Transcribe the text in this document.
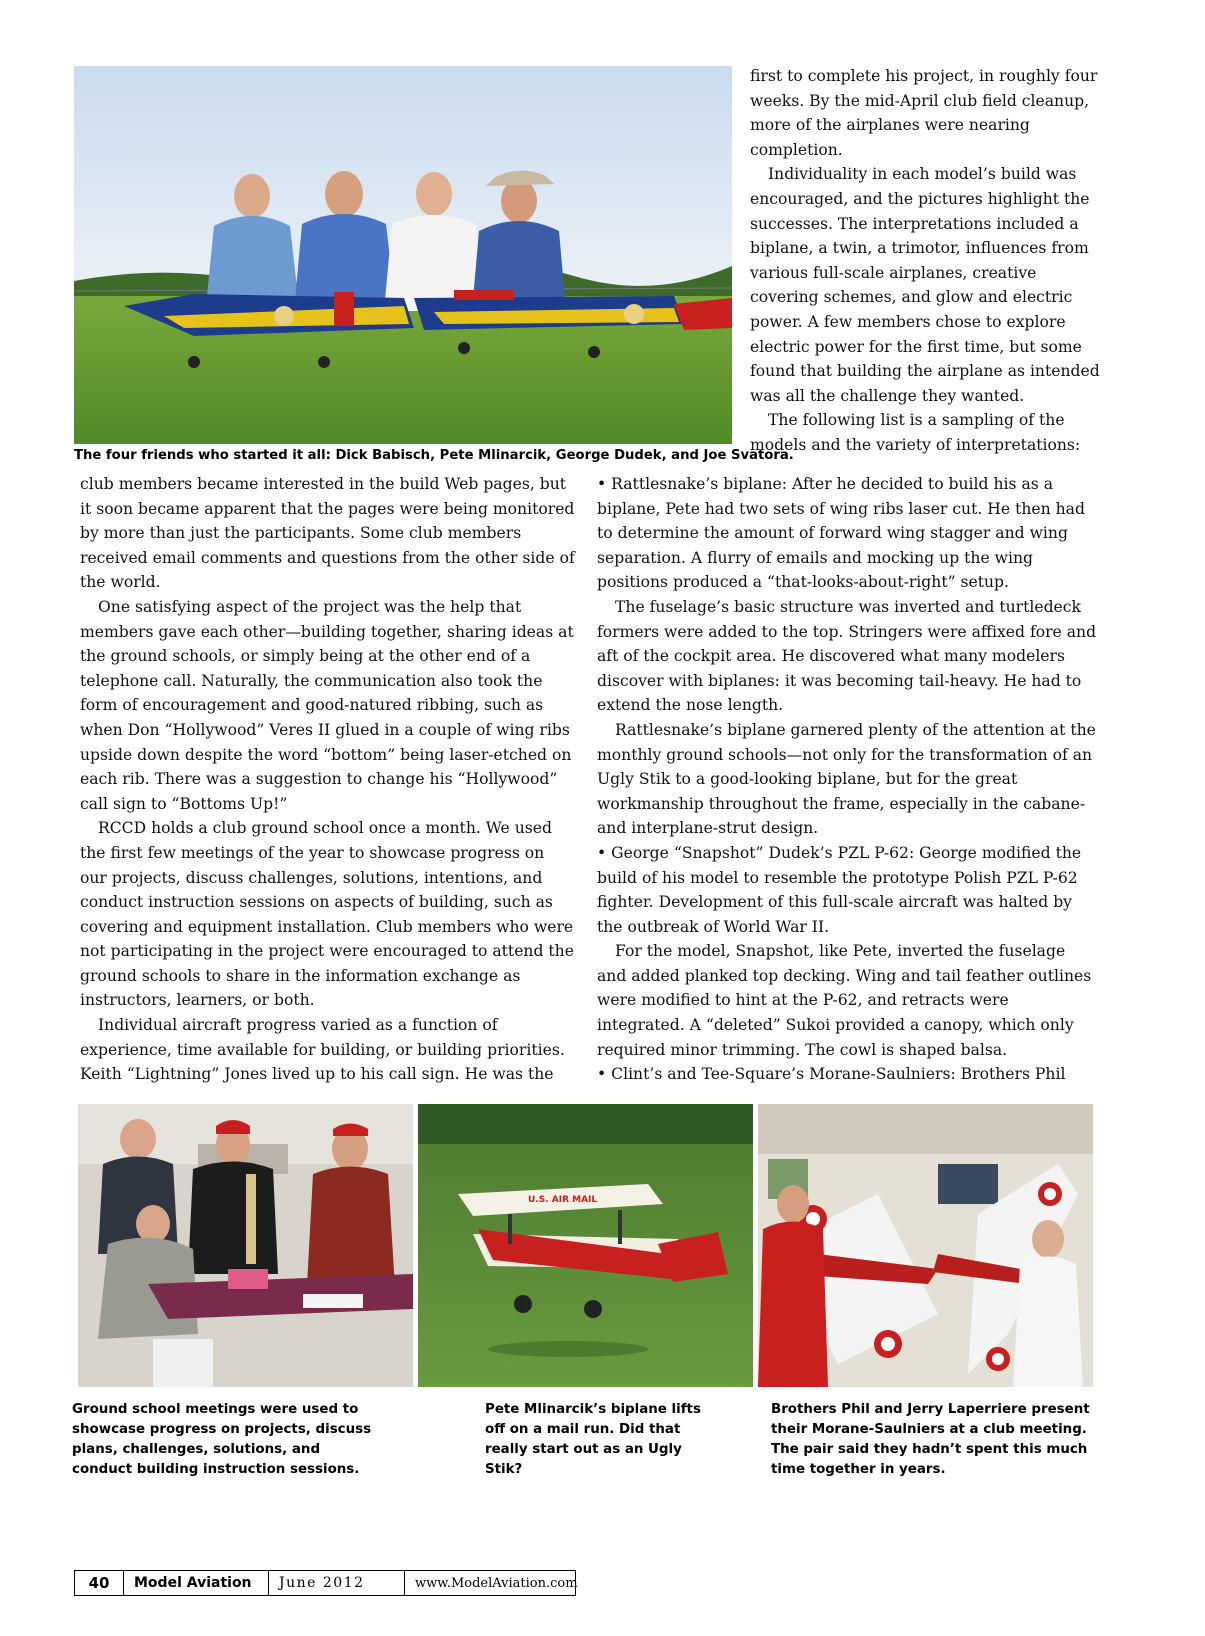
The four friends who started it all: Dick Babisch, Pete Mlinarcik, George Dudek, and Joe Svatora.

first to complete his project, in roughly four weeks. By the mid-April club field cleanup, more of the airplanes were nearing completion.

Individuality in each model’s build was encouraged, and the pictures highlight the successes. The interpretations included a biplane, a twin, a trimotor, influences from various full-scale airplanes, creative covering schemes, and glow and electric power. A few members chose to explore electric power for the first time, but some found that building the airplane as intended was all the challenge they wanted.

The following list is a sampling of the models and the variety of interpretations:

club members became interested in the build Web pages, but it soon became apparent that the pages were being monitored by more than just the participants. Some club members received email comments and questions from the other side of the world.

One satisfying aspect of the project was the help that members gave each other—building together, sharing ideas at the ground schools, or simply being at the other end of a telephone call. Naturally, the communication also took the form of encouragement and good-natured ribbing, such as when Don “Hollywood” Veres II glued in a couple of wing ribs upside down despite the word “bottom” being laser-etched on each rib. There was a suggestion to change his “Hollywood” call sign to “Bottoms Up!”

RCCD holds a club ground school once a month. We used the first few meetings of the year to showcase progress on our projects, discuss challenges, solutions, intentions, and conduct instruction sessions on aspects of building, such as covering and equipment installation. Club members who were not participating in the project were encouraged to attend the ground schools to share in the information exchange as instructors, learners, or both.

Individual aircraft progress varied as a function of experience, time available for building, or building priorities. Keith “Lightning” Jones lived up to his call sign. He was the

• Rattlesnake’s biplane: After he decided to build his as a biplane, Pete had two sets of wing ribs laser cut. He then had to determine the amount of forward wing stagger and wing separation. A flurry of emails and mocking up the wing positions produced a “that-looks-about-right” setup.

The fuselage’s basic structure was inverted and turtledeck formers were added to the top. Stringers were affixed fore and aft of the cockpit area. He discovered what many modelers discover with biplanes: it was becoming tail-heavy. He had to extend the nose length.

Rattlesnake’s biplane garnered plenty of the attention at the monthly ground schools—not only for the transformation of an Ugly Stik to a good-looking biplane, but for the great workmanship throughout the frame, especially in the cabane-and interplane-strut design.

• George “Snapshot” Dudek’s PZL P-62: George modified the build of his model to resemble the prototype Polish PZL P-62 fighter. Development of this full-scale aircraft was halted by the outbreak of World War II.

For the model, Snapshot, like Pete, inverted the fuselage and added planked top decking. Wing and tail feather outlines were modified to hint at the P-62, and retracts were integrated. A “deleted” Sukoi provided a canopy, which only required minor trimming. The cowl is shaped balsa.

• Clint’s and Tee-Square’s Morane-Saulniers: Brothers Phil

U.S. AIR MAIL
Ground school meetings were used to showcase progress on projects, discuss plans, challenges, solutions, and conduct building instruction sessions.
Pete Mlinarcik’s biplane lifts off on a mail run. Did that really start out as an Ugly Stik?
Brothers Phil and Jerry Laperriere present their Morane-Saulniers at a club meeting. The pair said they hadn’t spent this much time together in years.
40	Model Aviation	June 2012	www.ModelAviation.com
